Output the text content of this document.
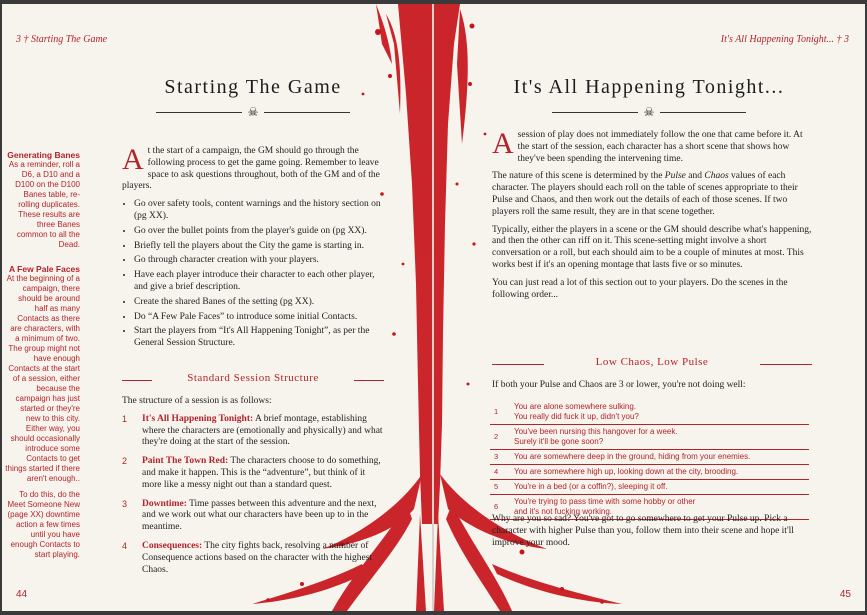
3 † Starting The Game
44
Starting The Game
☠
Generating Banes

As a reminder, roll a D6, a D10 and a D100 on the D100 Banes table, re-rolling duplicates. These results are three Banes common to all the Dead.

A Few Pale Faces

At the beginning of a campaign, there should be around half as many Contacts as there are characters, with a minimum of two. The group might not have enough Contacts at the start of a session, either because the campaign has just started or they're new to this city. Either way, you should occasionally introduce some Contacts to get things started if there aren't enough..

To do this, do the Meet Someone New (page XX) downtime action a few times until you have enough Contacts to start playing.

At the start of a campaign, the GM should go through the following process to get the game going. Remember to leave space to ask questions throughout, both of the GM and of the players.

• Go over safety tools, content warnings and the history section on (pg XX).
• Go over the bullet points from the player's guide on (pg XX).
• Briefly tell the players about the City the game is starting in.
• Go through character creation with your players.
• Have each player introduce their character to each other player, and give a brief description.
• Create the shared Banes of the setting (pg XX).
• Do “A Few Pale Faces” to introduce some initial Contacts.
• Start the players from “It's All Happening Tonight”, as per the General Session Structure.
Standard Session Structure

The structure of a session is as follows:

1 It's All Happening Tonight: A brief montage, establishing where the characters are (emotionally and physically) and what they're doing at the start of the session.
2 Paint The Town Red: The characters choose to do something, and make it happen. This is the “adventure”, but think of it more like a messy night out than a standard quest.
3 Downtime: Time passes between this adventure and the next, and we work out what our characters have been up to in the meantime.
4 Consequences: The city fights back, resolving a number of Consequence actions based on the character with the highest Chaos.
It's All Happening Tonight... † 3
45
It's All Happening Tonight...
☠

A session of play does not immediately follow the one that came before it. At the start of the session, each character has a short scene that shows how they've been spending the intervening time.

The nature of this scene is determined by the Pulse and Chaos values of each character. The players should each roll on the table of scenes appropriate to their Pulse and Chaos, and then work out the details of each of those scenes. If two players roll the same result, they are in that scene together.

Typically, either the players in a scene or the GM should describe what's happening, and then the other can riff on it. This scene-setting might involve a short conversation or a roll, but each should aim to be a couple of minutes at most. This works best if it's an opening montage that lasts five or so minutes.

You can just read a lot of this section out to your players. Do the scenes in the following order...

Low Chaos, Low Pulse
If both your Pulse and Chaos are 3 or lower, you're not doing well:
1
You are alone somewhere sulking.
You really did fuck it up, didn't you?
2
You've been nursing this hangover for a week.
Surely it'll be gone soon?
3 You are somewhere deep in the ground, hiding from your enemies.
4 You are somewhere high up, looking down at the city, brooding.
5 You're in a bed (or a coffin?), sleeping it off.
6
You're trying to pass time with some hobby or other
and it's not fucking working.
Why are you so sad? You've got to go somewhere to get your Pulse up. Pick a character with higher Pulse than you, follow them into their scene and hope it'll improve your mood.
